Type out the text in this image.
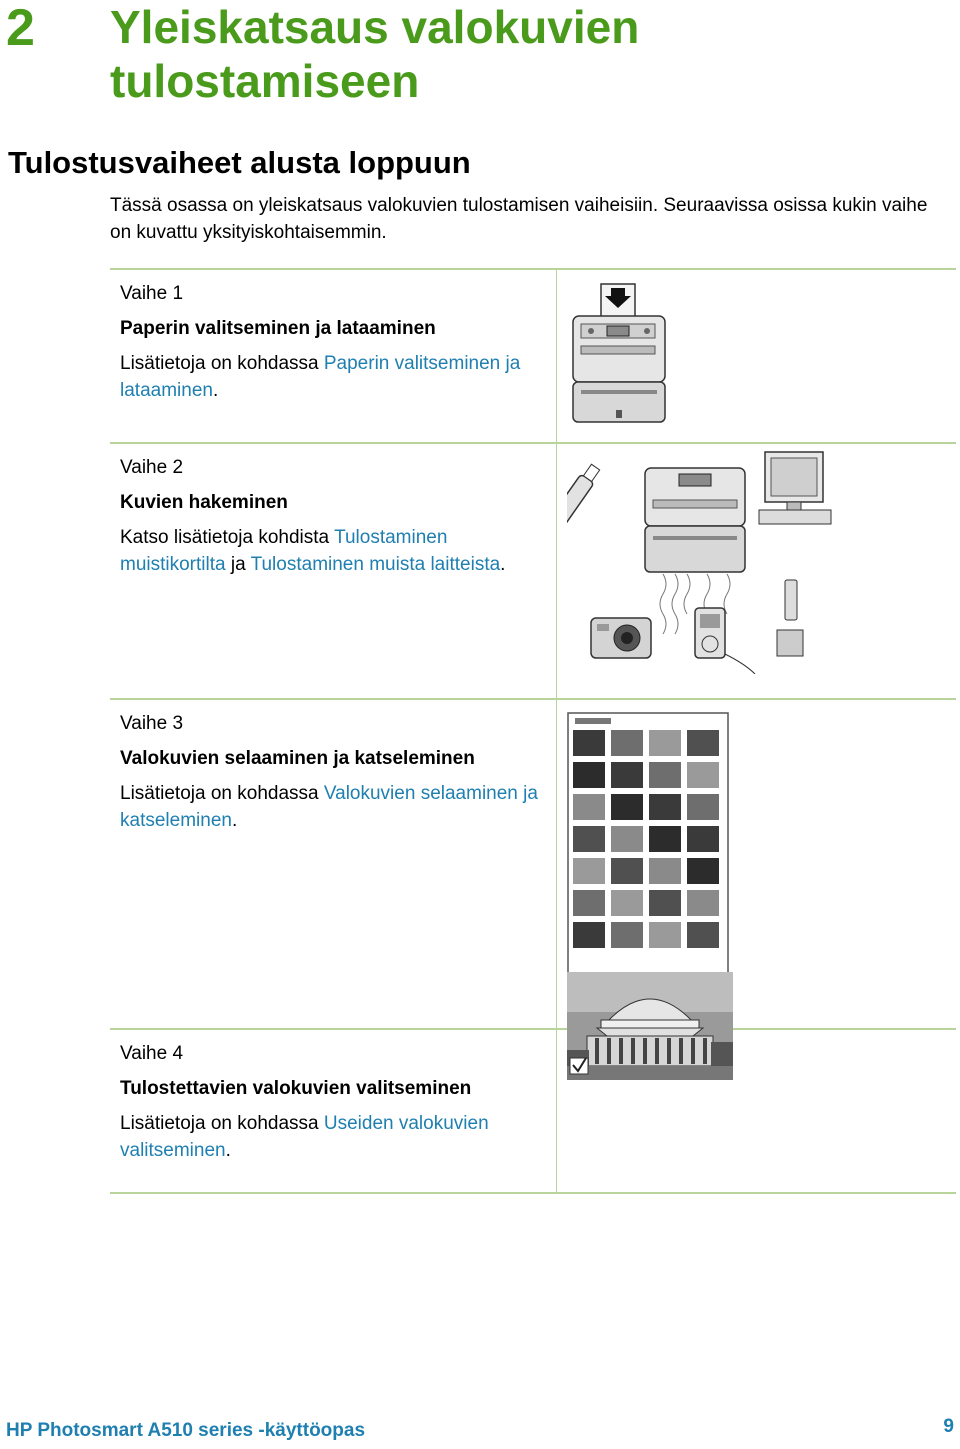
2 Yleiskatsaus valokuvien tulostamiseen
Tulostusvaiheet alusta loppuun

Tässä osassa on yleiskatsaus valokuvien tulostamisen vaiheisiin. Seuraavissa osissa kukin vaihe on kuvattu yksityiskohtaisemmin.

Vaihe 1

Paperin valitseminen ja lataaminen

Lisätietoja on kohdassa Paperin valitseminen ja lataaminen.

Vaihe 2

Kuvien hakeminen

Katso lisätietoja kohdista Tulostaminen muistikortilta ja Tulostaminen muista laitteista.

Vaihe 3

Valokuvien selaaminen ja katseleminen

Lisätietoja on kohdassa Valokuvien selaaminen ja katseleminen.

Vaihe 4

Tulostettavien valokuvien valitseminen

Lisätietoja on kohdassa Useiden valokuvien valitseminen.

HP Photosmart A510 series -käyttöopas	9
